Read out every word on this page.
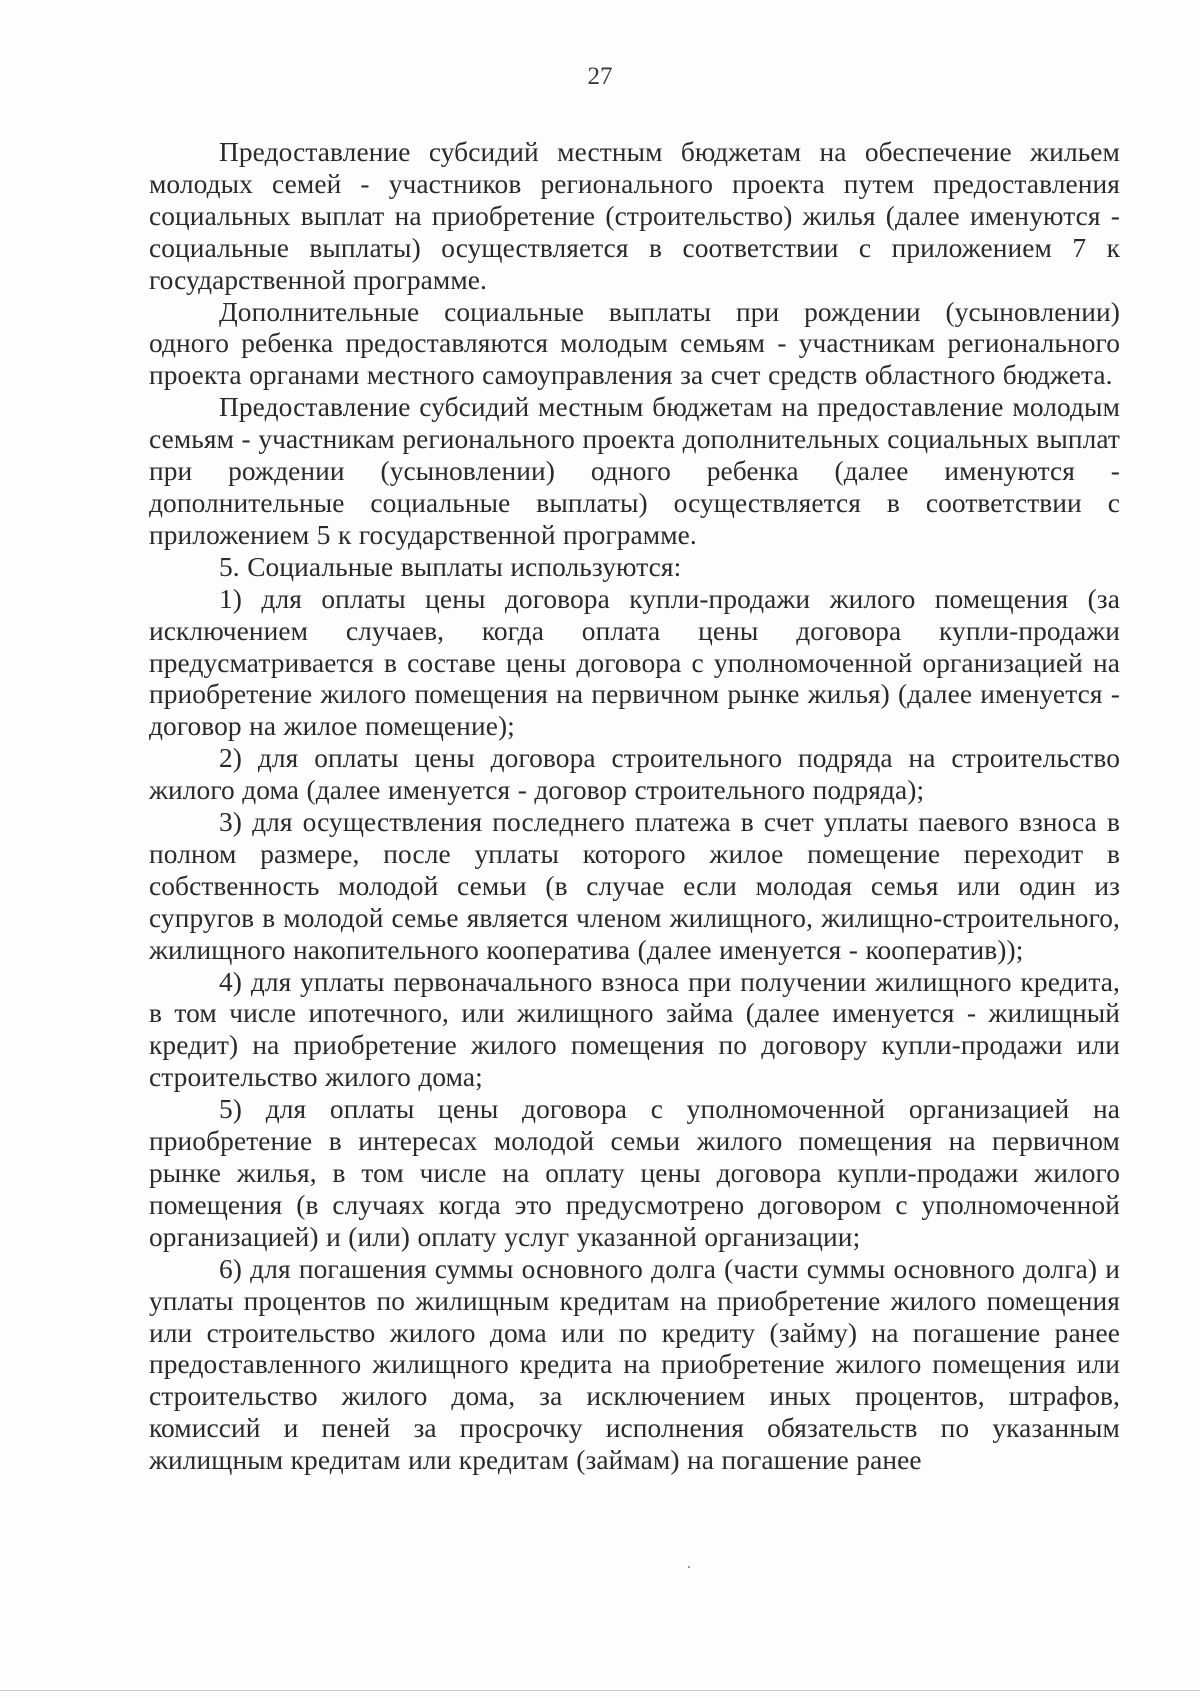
27

Предоставление субсидий местным бюджетам на обеспечение жильем молодых семей - участников регионального проекта путем предоставления социальных выплат на приобретение (строительство) жилья (далее именуются - социальные выплаты) осуществляется в соответствии с приложением 7 к государственной программе.

Дополнительные социальные выплаты при рождении (усыновлении) одного ребенка предоставляются молодым семьям - участникам регионального проекта органами местного самоуправления за счет средств областного бюджета.

Предоставление субсидий местным бюджетам на предоставление молодым семьям - участникам регионального проекта дополнительных социальных выплат при рождении (усыновлении) одного ребенка (далее именуются - дополнительные социальные выплаты) осуществляется в соответствии с приложением 5 к государственной программе.

5. Социальные выплаты используются:

1) для оплаты цены договора купли-продажи жилого помещения (за исключением случаев, когда оплата цены договора купли-продажи предусматривается в составе цены договора с уполномоченной организацией на приобретение жилого помещения на первичном рынке жилья) (далее именуется - договор на жилое помещение);

2) для оплаты цены договора строительного подряда на строительство жилого дома (далее именуется - договор строительного подряда);

3) для осуществления последнего платежа в счет уплаты паевого взноса в полном размере, после уплаты которого жилое помещение переходит в собственность молодой семьи (в случае если молодая семья или один из супругов в молодой семье является членом жилищного, жилищно-строительного, жилищного накопительного кооператива (далее именуется - кооператив));

4) для уплаты первоначального взноса при получении жилищного кредита, в том числе ипотечного, или жилищного займа (далее именуется - жилищный кредит) на приобретение жилого помещения по договору купли-продажи или строительство жилого дома;

5) для оплаты цены договора с уполномоченной организацией на приобретение в интересах молодой семьи жилого помещения на первичном рынке жилья, в том числе на оплату цены договора купли-продажи жилого помещения (в случаях когда это предусмотрено договором с уполномоченной организацией) и (или) оплату услуг указанной организации;

6) для погашения суммы основного долга (части суммы основного долга) и уплаты процентов по жилищным кредитам на приобретение жилого помещения или строительство жилого дома или по кредиту (займу) на погашение ранее предоставленного жилищного кредита на приобретение жилого помещения или строительство жилого дома, за исключением иных процентов, штрафов, комиссий и пеней за просрочку исполнения обязательств по указанным жилищным кредитам или кредитам (займам) на погашение ранее
